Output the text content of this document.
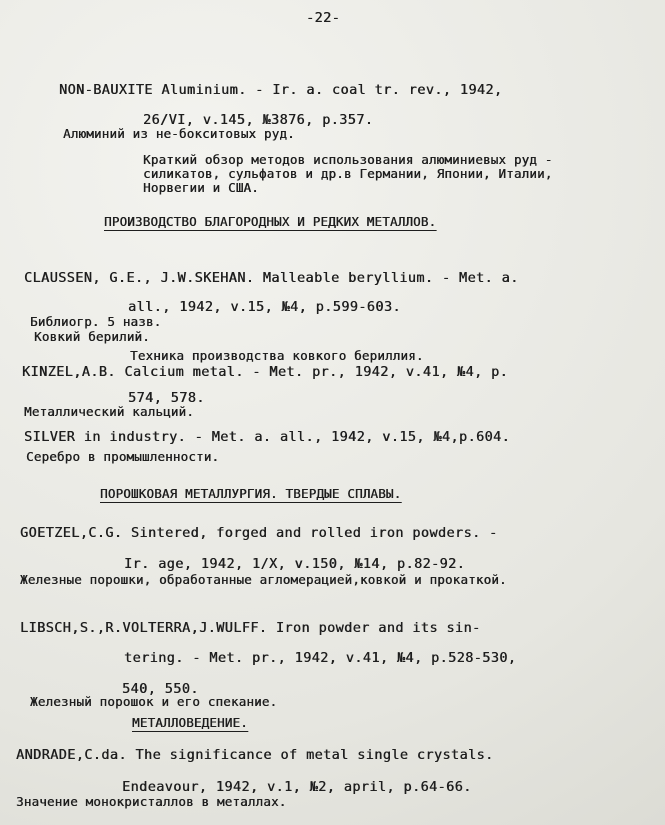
-22-
NON-BAUXITE Aluminium. - Ir. a. coal tr. rev., 1942,
26/VI, v.145, №3876, p.357.
Алюминий из не-бокситовых руд.
Краткий обзор методов использования алюминиевых руд -
силикатов, сульфатов и др.в Германии, Японии, Италии,
Норвегии и США.
ПРОИЗВОДСТВО БЛАГОРОДНЫХ И РЕДКИХ МЕТАЛЛОВ.
CLAUSSEN, G.E., J.W.SKEHAN. Malleable beryllium. - Met. a.
all., 1942, v.15, №4, p.599-603.
Библиогр. 5 назв.
Ковкий берилий.
Техника производства ковкого бериллия.
KINZEL,A.B. Calcium metal. - Met. pr., 1942, v.41, №4, p.
574, 578.
Металлический кальций.
SILVER in industry. - Met. a. all., 1942, v.15, №4,p.604.
Серебро в промышленности.
ПОРОШКОВАЯ МЕТАЛЛУРГИЯ. ТВЕРДЫЕ СПЛАВЫ.
GOETZEL,C.G. Sintered, forged and rolled iron powders. -
Ir. age, 1942, 1/X, v.150, №14, p.82-92.
Железные порошки, обработанные агломерацией,ковкой и прокаткой.
LIBSCH,S.,R.VOLTERRA,J.WULFF. Iron powder and its sin-
tering. - Met. pr., 1942, v.41, №4, p.528-530,
540, 550.
Железный порошок и его спекание.
МЕТАЛЛОВЕДЕНИЕ.
ANDRADE,C.da. The significance of metal single crystals.
Endeavour, 1942, v.1, №2, april, p.64-66.
Значение монокристаллов в металлах.
